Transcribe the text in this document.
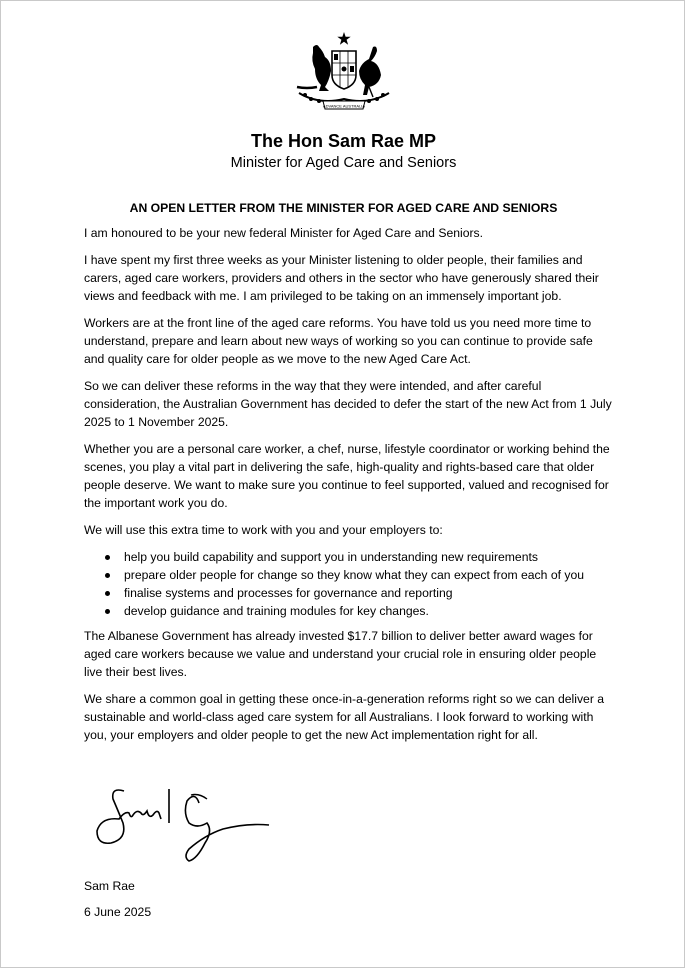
ADVANCE AUSTRALIA
The Hon Sam Rae MP
Minister for Aged Care and Seniors
AN OPEN LETTER FROM THE MINISTER FOR AGED CARE AND SENIORS

I am honoured to be your new federal Minister for Aged Care and Seniors.

I have spent my first three weeks as your Minister listening to older people, their families and carers, aged care workers, providers and others in the sector who have generously shared their views and feedback with me. I am privileged to be taking on an immensely important job.

Workers are at the front line of the aged care reforms. You have told us you need more time to understand, prepare and learn about new ways of working so you can continue to provide safe and quality care for older people as we move to the new Aged Care Act.

So we can deliver these reforms in the way that they were intended, and after careful consideration, the Australian Government has decided to defer the start of the new Act from 1 July 2025 to 1 November 2025.

Whether you are a personal care worker, a chef, nurse, lifestyle coordinator or working behind the scenes, you play a vital part in delivering the safe, high-quality and rights-based care that older people deserve. We want to make sure you continue to feel supported, valued and recognised for the important work you do.

We will use this extra time to work with you and your employers to:

help you build capability and support you in understanding new requirements
prepare older people for change so they know what they can expect from each of you
finalise systems and processes for governance and reporting
develop guidance and training modules for key changes.

The Albanese Government has already invested $17.7 billion to deliver better award wages for aged care workers because we value and understand your crucial role in ensuring older people live their best lives.

We share a common goal in getting these once-in-a-generation reforms right so we can deliver a sustainable and world-class aged care system for all Australians. I look forward to working with you, your employers and older people to get the new Act implementation right for all.

Sam Rae
6 June 2025
